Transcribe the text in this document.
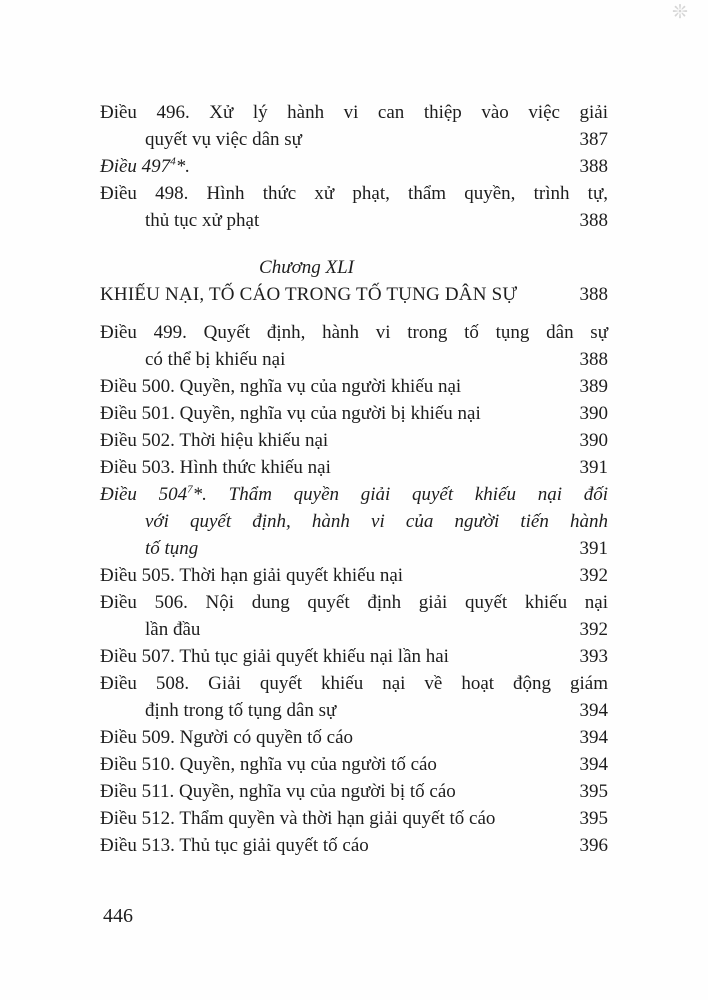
❊
Điều 496. Xử lý hành vi can thiệp vào việc giải
quyết vụ việc dân sự	387
Điều $497^4*$.	388
Điều 498. Hình thức xử phạt, thẩm quyền, trình tự,
thủ tục xử phạt	388
Chương XLI
KHIẾU NẠI, TỐ CÁO TRONG TỐ TỤNG DÂN SỰ	388
Điều 499. Quyết định, hành vi trong tố tụng dân sự
có thể bị khiếu nại	388
Điều 500. Quyền, nghĩa vụ của người khiếu nại	389
Điều 501. Quyền, nghĩa vụ của người bị khiếu nại	390
Điều 502. Thời hiệu khiếu nại	390
Điều 503. Hình thức khiếu nại	391
Điều $504^7*$. Thẩm quyền giải quyết khiếu nại đối
với quyết định, hành vi của người tiến hành
tố tụng	391
Điều 505. Thời hạn giải quyết khiếu nại	392
Điều 506. Nội dung quyết định giải quyết khiếu nại
lần đầu	392
Điều 507. Thủ tục giải quyết khiếu nại lần hai	393
Điều 508. Giải quyết khiếu nại về hoạt động giám
định trong tố tụng dân sự	394
Điều 509. Người có quyền tố cáo	394
Điều 510. Quyền, nghĩa vụ của người tố cáo	394
Điều 511. Quyền, nghĩa vụ của người bị tố cáo	395
Điều 512. Thẩm quyền và thời hạn giải quyết tố cáo	395
Điều 513. Thủ tục giải quyết tố cáo	396
446
